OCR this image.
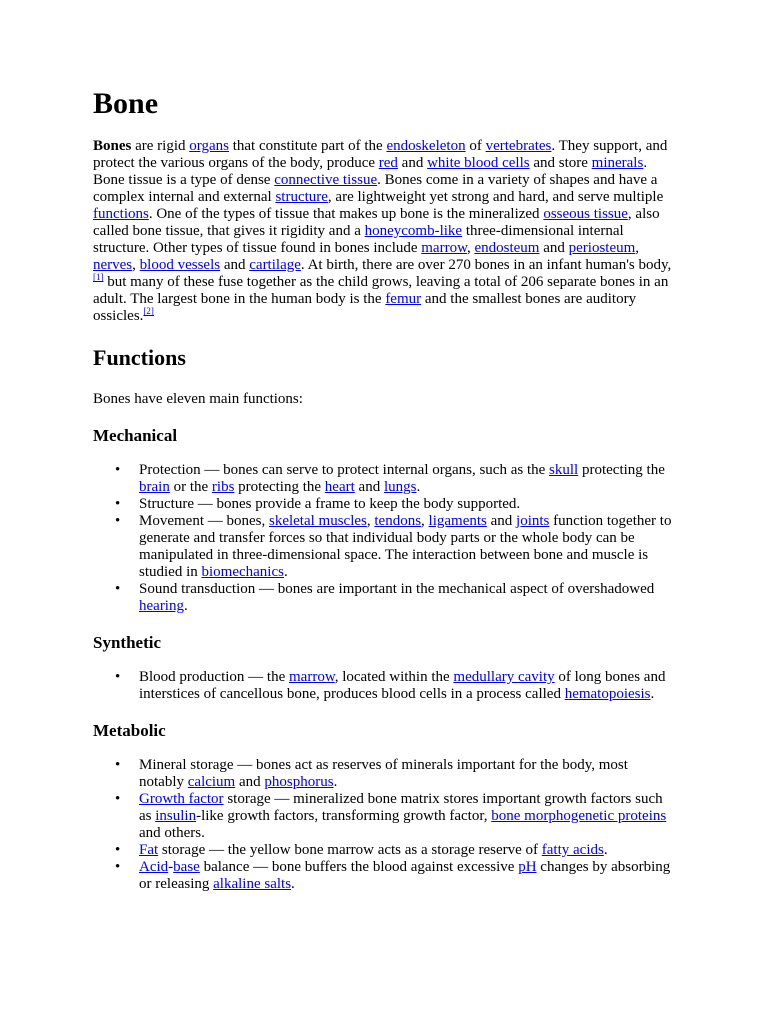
Bone

Bones are rigid organs that constitute part of the endoskeleton of vertebrates. They support, and protect the various organs of the body, produce red and white blood cells and store minerals. Bone tissue is a type of dense connective tissue. Bones come in a variety of shapes and have a complex internal and external structure, are lightweight yet strong and hard, and serve multiple functions. One of the types of tissue that makes up bone is the mineralized osseous tissue, also called bone tissue, that gives it rigidity and a honeycomb-like three-dimensional internal structure. Other types of tissue found in bones include marrow, endosteum and periosteum, nerves, blood vessels and cartilage. At birth, there are over 270 bones in an infant human's body,[1] but many of these fuse together as the child grows, leaving a total of 206 separate bones in an adult. The largest bone in the human body is the femur and the smallest bones are auditory ossicles.[2]

Functions

Bones have eleven main functions:

Mechanical
• Protection — bones can serve to protect internal organs, such as the skull protecting the brain or the ribs protecting the heart and lungs.
• Structure — bones provide a frame to keep the body supported.
• Movement — bones, skeletal muscles, tendons, ligaments and joints function together to generate and transfer forces so that individual body parts or the whole body can be manipulated in three-dimensional space. The interaction between bone and muscle is studied in biomechanics.
• Sound transduction — bones are important in the mechanical aspect of overshadowed hearing.
Synthetic
• Blood production — the marrow, located within the medullary cavity of long bones and interstices of cancellous bone, produces blood cells in a process called hematopoiesis.
Metabolic
• Mineral storage — bones act as reserves of minerals important for the body, most notably calcium and phosphorus.
• Growth factor storage — mineralized bone matrix stores important growth factors such as insulin-like growth factors, transforming growth factor, bone morphogenetic proteins and others.
• Fat storage — the yellow bone marrow acts as a storage reserve of fatty acids.
• Acid-base balance — bone buffers the blood against excessive pH changes by absorbing or releasing alkaline salts.
